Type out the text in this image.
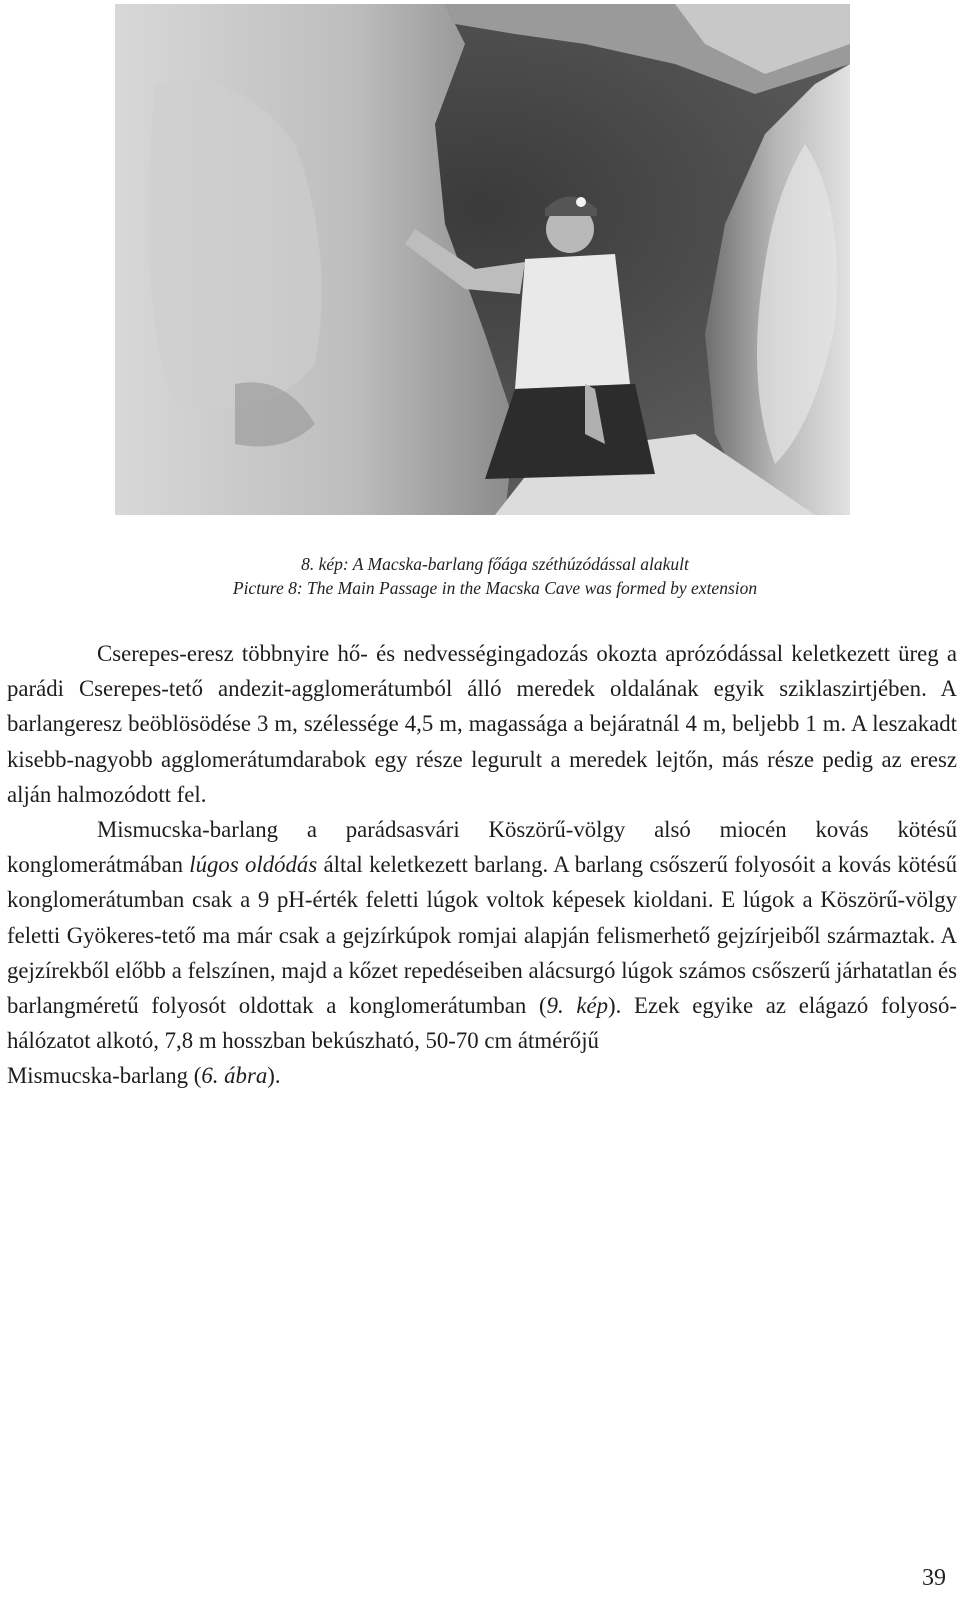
8. kép: A Macska-barlang főága széthúzódással alakult
Picture 8: The Main Passage in the Macska Cave was formed by extension

Cserepes-eresz többnyire hő- és nedvességingadozás okozta aprózódással keletkezett üreg a parádi Cserepes-tető andezit-agglomerátumból álló meredek oldalának egyik sziklaszirtjében. A barlangeresz beöblösödése 3 m, szélessége 4,5 m, magassága a bejáratnál 4 m, beljebb 1 m. A leszakadt kisebb-nagyobb agglomerátumdarabok egy része legurult a meredek lejtőn, más része pedig az eresz alján halmozódott fel.

Mismucska-barlang a parádsasvári Köszörű-völgy alsó miocén kovás kötésű konglomerátmában lúgos oldódás által keletkezett barlang. A barlang csőszerű folyosóit a kovás kötésű konglomerátumban csak a 9 pH-érték feletti lúgok voltok képesek kioldani. E lúgok a Köszörű-völgy feletti Gyökeres-tető ma már csak a gejzírkúpok romjai alapján felismerhető gejzírjeiből származtak. A gejzírekből előbb a felszínen, majd a kőzet repedéseiben alácsurgó lúgok számos csőszerű járhatatlan és barlangméretű folyosót oldottak a konglomerátumban (9. kép). Ezek egyike az elágazó folyosó-hálózatot alkotó, 7,8 m hosszban bekúszható, 50-70 cm átmérőjű

Mismucska-barlang (6. ábra).
39
